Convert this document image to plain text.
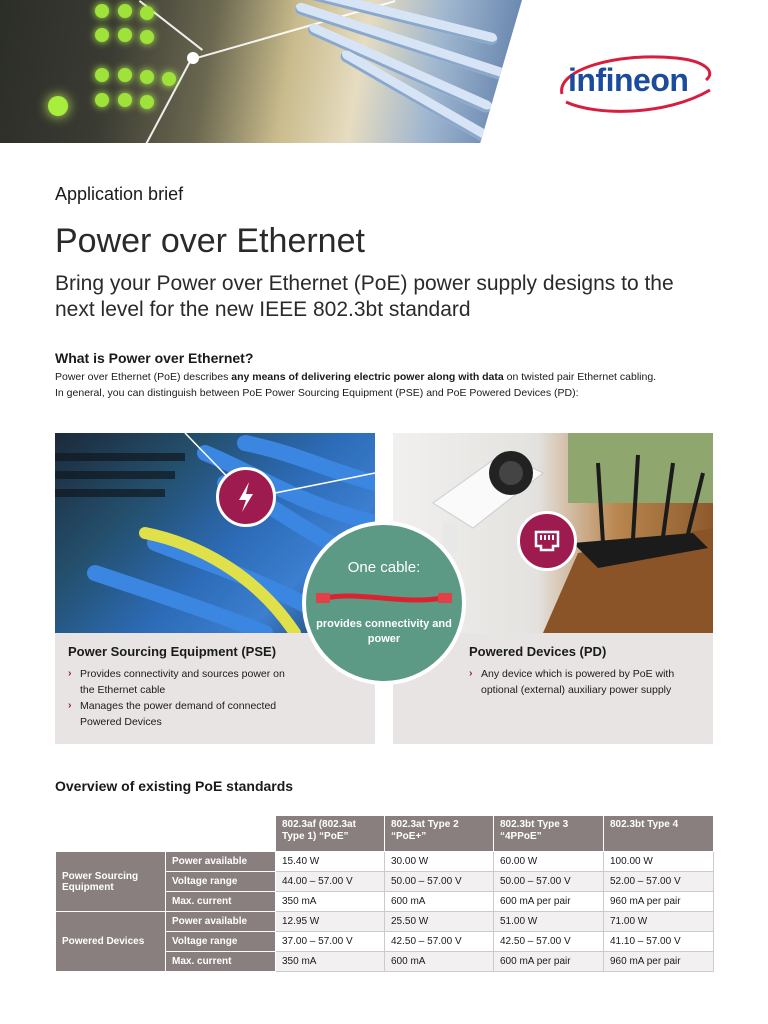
infineon
Application brief
Power over Ethernet
Bring your Power over Ethernet (PoE) power supply designs to the next level for the new IEEE 802.3bt standard
What is Power over Ethernet?
Power over Ethernet (PoE) describes any means of delivering electric power along with data on twisted pair Ethernet cabling.
In general, you can distinguish between PoE Power Sourcing Equipment (PSE) and PoE Powered Devices (PD):
Power Sourcing Equipment (PSE)
› Provides connectivity and sources power on the Ethernet cable
› Manages the power demand of connected Powered Devices
Powered Devices (PD)
› Any device which is powered by PoE with optional (external) auxiliary power supply
One cable:
provides connectivity and power
Overview of existing PoE standards
		802.3af (802.3at Type 1) “PoE”	802.3at Type 2 “PoE+”	802.3bt Type 3 “4PPoE”	802.3bt Type 4
Power Sourcing Equipment	Power available	15.40 W	30.00 W	60.00 W	100.00 W
	Voltage range	44.00 – 57.00 V	50.00 – 57.00 V	50.00 – 57.00 V	52.00 – 57.00 V
	Max. current	350 mA	600 mA	600 mA per pair	960 mA per pair
Powered Devices	Power available	12.95 W	25.50 W	51.00 W	71.00 W
	Voltage range	37.00 – 57.00 V	42.50 – 57.00 V	42.50 – 57.00 V	41.10 – 57.00 V
	Max. current	350 mA	600 mA	600 mA per pair	960 mA per pair
